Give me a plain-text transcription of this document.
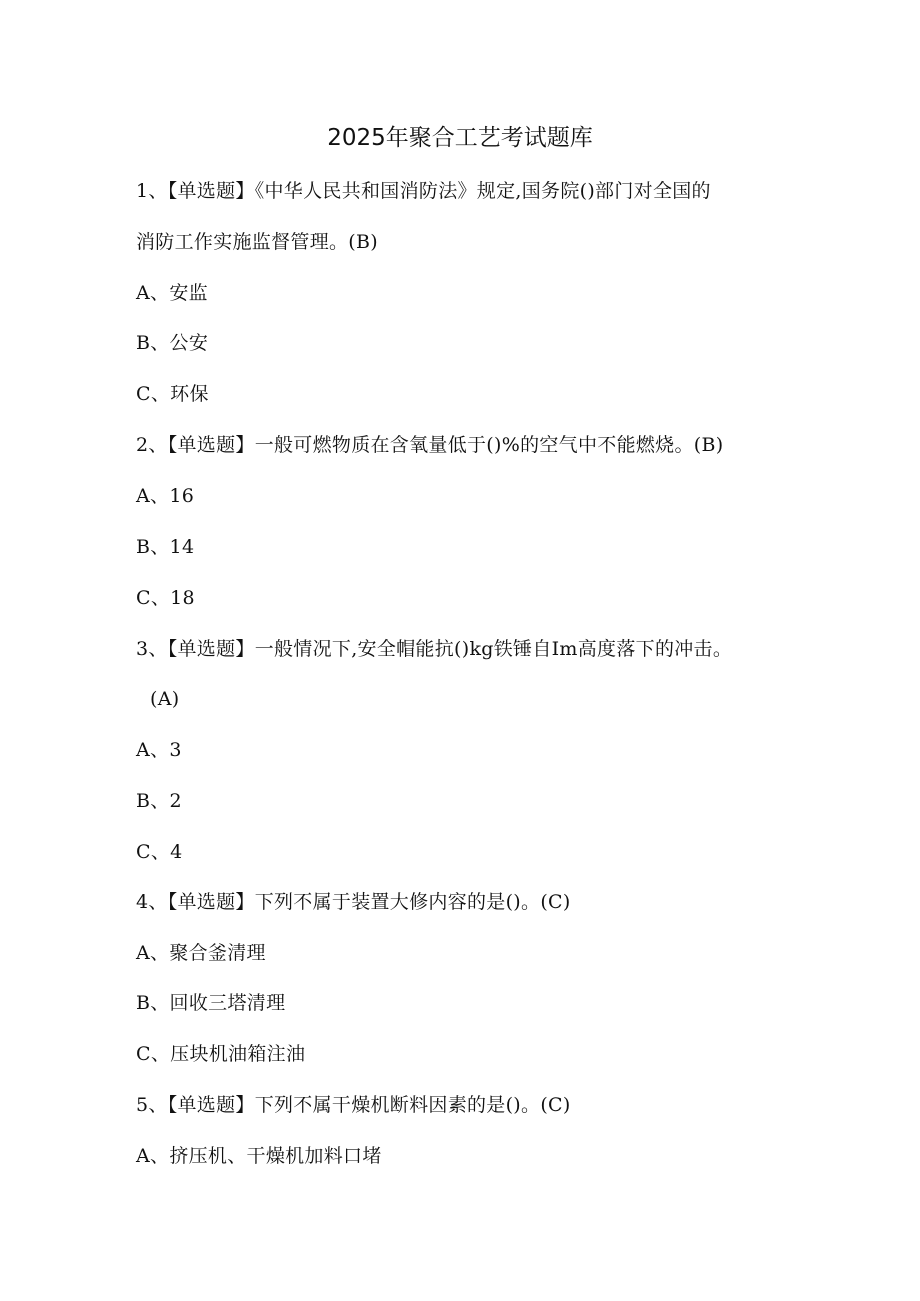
2025年聚合工艺考试题库
1、【单选题】《中华人民共和国消防法》规定,国务院()部门对全国的
消防工作实施监督管理。(B)
A、安监
B、公安
C、环保
2、【单选题】一般可燃物质在含氧量低于()%的空气中不能燃烧。(B)
A、16
B、14
C、18
3、【单选题】一般情况下,安全帽能抗()kg铁锤自Im高度落下的冲击。
(A)
A、3
B、2
C、4
4、【单选题】下列不属于装置大修内容的是()。(C)
A、聚合釜清理
B、回收三塔清理
C、压块机油箱注油
5、【单选题】下列不属干燥机断料因素的是()。(C)
A、挤压机、干燥机加料口堵
